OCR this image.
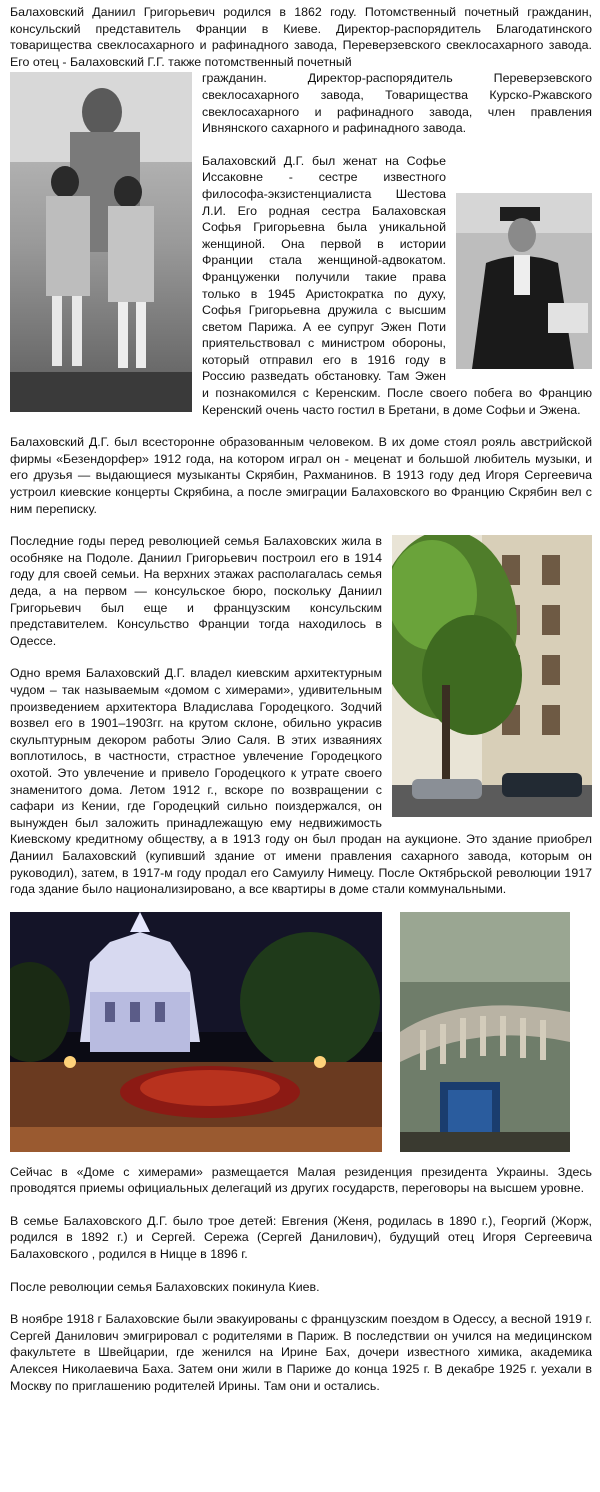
Балаховский Даниил Григорьевич родился в 1862 году. Потомственный почетный гражданин, консульский представитель Франции в Киеве. Директор-распорядитель Благодатинского товарищества свеклосахарного и рафинадного завода, Переверзевского свеклосахарного завода. Его отец - Балаховский Г.Г. также потомственный почетный

гражданин. Директор-распорядитель Переверзевского свеклосахарного завода, Товарищества Курско-Ржавского свеклосахарного и рафинадного завода, член правления Ивнянского сахарного и рафинадного завода.

Балаховский Д.Г. был женат на Софье Иссаковне - сестре известного философа-экзистенциалиста Шестова Л.И. Его родная сестра Балаховская Софья Григорьевна была уникальной женщиной. Она первой в истории Франции стала женщиной-адвокатом. Француженки получили такие права только в 1945 Аристократка по духу, Софья Григорьевна дружила с высшим светом Парижа. А ее супруг Эжен Поти приятельствовал с министром обороны, который отправил его в 1916 году в Россию разведать обстановку. Там Эжен и познакомился с Керенским. После своего побега во Францию Керенский очень часто гостил в Бретани, в доме Софьи и Эжена.

Балаховский Д.Г. был всесторонне образованным человеком. В их доме стоял рояль австрийской фирмы «Безендорфер» 1912 года, на котором играл он - меценат и большой любитель музыки, и его друзья — выдающиеся музыканты Скрябин, Рахманинов. В 1913 году дед Игоря Сергеевича устроил киевские концерты Скрябина, а после эмиграции Балаховского во Францию Скрябин вел с ним переписку.

Последние годы перед революцией семья Балаховских жила в особняке на Подоле. Даниил Григорьевич построил его в 1914 году для своей семьи. На верхних этажах располагалась семья деда, а на первом — консульское бюро, поскольку Даниил Григорьевич был еще и французским консульским представителем. Консульство Франции тогда находилось в Одессе.

Одно время Балаховский Д.Г. владел киевским архитектурным чудом – так называемым «домом с химерами», удивительным произведением архитектора Владислава Городецкого. Зодчий возвел его в 1901–1903гг. на крутом склоне, обильно украсив скульптурным декором работы Элио Саля. В этих изваяниях воплотилось, в частности, страстное увлечение Городецкого охотой. Это увлечение и привело Городецкого к утрате своего знаменитого дома. Летом 1912 г., вскоре по возвращении с сафари из Кении, где Городецкий сильно поиздержался, он вынужден был заложить принадлежащую ему недвижимость Киевскому кредитному обществу, а в 1913 году он был продан на аукционе. Это здание приобрел Даниил Балаховский (купивший здание от имени правления сахарного завода, которым он руководил), затем, в 1917-м году продал его Самуилу Нимецу. После Октябрьской революции 1917 года здание было национализировано, а все квартиры в доме стали коммунальными.

Сейчас в «Доме с химерами» размещается Малая резиденция президента Украины. Здесь проводятся приемы официальных делегаций из других государств, переговоры на высшем уровне.

В семье Балаховского Д.Г. было трое детей: Евгения (Женя, родилась в 1890 г.), Георгий (Жорж, родился в 1892 г.) и Сергей. Сережа (Сергей Данилович), будущий отец Игоря Сергеевича Балаховского , родился в Ницце в 1896 г.

После революции семья Балаховских покинула Киев.

В ноябре 1918 г Балаховские были эвакуированы с французским поездом в Одессу, а весной 1919 г. Сергей Данилович эмигрировал с родителями в Париж. В последствии он учился на медицинском факультете в Швейцарии, где женился на Ирине Бах, дочери известного химика, академика Алексея Николаевича Баха. Затем они жили в Париже до конца 1925 г. В декабре 1925 г. уехали в Москву по приглашению родителей Ирины. Там они и остались.
